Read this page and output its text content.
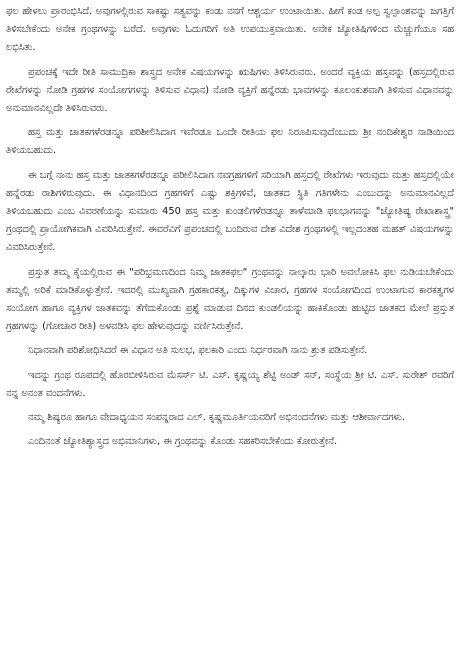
ಫಲ ಹೇಳಲು ಪ್ರಾರಂಭಿಸಿದೆ. ಅವುಗಳಲ್ಲಿರುವ ಸಾಕಷ್ಟು ಸತ್ಯವನ್ನು ಕಂಡು ನನಗೆ ಆಶ್ಚರ್ಯ ಉಂಟಾಯಿತು. ಹೀಗೆ ಕಂಡ ಅಲ್ಪ ಸ್ವಲ್ಪಾಂಶವನ್ನು ಜಗತ್ತಿಗೆ ತಿಳಿಸಬೇಕೆಂದು ಅನೇಕ ಗ್ರಂಥಗಳನ್ನು ಬರೆದೆ. ಅವುಗಳು ಓದುಗರಿಗೆ ಅತಿ ಉಪಯುಕ್ತವಾಯಿತು. ಅನೇಕ ಜ್ಯೋತಿಷಿಗಳಿಂದ ಮೆಚ್ಚುಗೆಯೂ ಸಹ ಲಭಿಸಿತು.

ಪ್ರಪಂಚಕ್ಕೆ ಇದೇ ರೀತಿ ಸಾಮುದ್ರಿಕಾ ಶಾಸ್ತ್ರದ ಅನೇಕ ವಿಷಯಗಳನ್ನು ಋಷಿಗಳು ತಿಳಿಸಿರುವರು. ಅಂದರೆ ವ್ಯಕ್ತಿಯ ಹಸ್ತವನ್ನು (ಹಸ್ತದಲ್ಲಿರುವ ರೇಖೆಗಳನ್ನು ನೋಡಿ ಗ್ರಹಗಳ ಸಂಯೋಗಗಳನ್ನು ತಿಳಿಸುವ ವಿಧಾನ) ನೋಡಿ ವ್ಯಕ್ತಿಗೆ ಹನ್ನೆರಡು ಭಾವಗಳನ್ನು ಕೂಲಂಕುಶವಾಗಿ ತಿಳಿಸುವ ವಿಧಾನವನ್ನು ಅನುಮಾನವಿಲ್ಲದೇ ತಿಳಿಸಿರುವರು.

ಹಸ್ತ ಮತ್ತು ಜಾತಕಗಳೆರಡನ್ನೂ ಪರಿಶೀಲಿಸಿದಾಗ ಇವೆರಡೂ ಒಂದೇ ರೀತಿಯ ಫಲ ನಿರೂಪಿಸುವುದೆಂಬುದು ಶ್ರೀ ನಂದಿಕೇಶ್ವರ ನಾಡಿಯಿಂದ ತಿಳಿಯಬಹುದು.

ಈ ಬಗ್ಗೆ ನಾನು ಹಸ್ತ ಮತ್ತು ಜಾತಕಗಳೆರಡನ್ನೂ ಪರೀಲಿಸಿದಾಗ ನವಗ್ರಹಗಳಿಗೆ ಸರಿಯಾಗಿ ಹಸ್ತದಲ್ಲಿ ರೇಖೆಗಳು ಇರುವುದು ಮತ್ತು ಹಸ್ತದಲ್ಲಿಯೇ ಹನ್ನೆರಡು ರಾಶಿಗಳಿರುವುದು. ಈ ವಿಧಾನದಿಂದ ಗ್ರಹಗಳಿಗೆ ಎಷ್ಟು ಶಕ್ತಿಗಳಿವೆ, ಜಾತಕದ ಸ್ಥಿತಿ ಗತಿಗಳೇನು ಎಂಬುದನ್ನು ಅನುಮಾನವಿಲ್ಲದೆ ತಿಳಿಯಬಹುದು ಎಂಬ ವಿವರಣೆಯನ್ನು ಸುಮಾರು 450 ಹಸ್ತ ಮತ್ತು ಕುಂಡಲಿಗಳೆರಡನ್ನೂ ತಾಳೆಮಾಡಿ ಫಲಭಾಗವನ್ನು "ಜ್ಯೋತಿಷ್ಯ ರೇಖಾಶಾಸ್ತ್ರ" ಗ್ರಂಥದಲ್ಲಿ ಪ್ರಾಯೋಗಿಕವಾಗಿ ವಿವರಿಸಿರುತ್ತೇನೆ. ಈವರೆವಿಗೆ ಪ್ರಪಂಚದಲ್ಲಿ ಬಂದಿರುವ ದೇಶ ವಿದೇಶ ಗ್ರಂಥಗಳಲ್ಲಿ ಇಲ್ಲದಂತಹ ಮಹತ್ ವಿಷಯಗಳನ್ನು ವಿವರಿಸಿರುತ್ತೇನೆ.

ಪ್ರಸ್ತುತ ತಮ್ಮ ಕೈಯಲ್ಲಿರುವ ಈ "ಪರಿಭ್ರಮಣದಿಂದ ನಿಮ್ಮ ಜಾತಕಫಲ" ಗ್ರಂಥವನ್ನು ನಾಲ್ಕಾರು ಭಾರಿ ಅವಲೋಕಿಸಿ ಫಲ ನುಡಿಯಬೇಕೆಂದು ತಮ್ಮಲ್ಲಿ ಅರಿಕೆ ಮಾಡಿಕೊಳ್ಳುತ್ತೇನೆ. ಇದರಲ್ಲಿ ಮುಖ್ಯವಾಗಿ ಗ್ರಹಕಾರಕತ್ವ, ದಿಕ್ಕುಗಳ ವಿಚಾರ, ಗ್ರಹಗಳ ಸಂಯೋಗದಿಂದ ಉಂಟಾಗುವ ಕಾರಕತ್ವಗಳ ಸಂಯೋಗ ಹಾಗೂ ವ್ಯಕ್ತಿಗಳ ಜಾತಕವನ್ನು ತೆಗೆದುಕೊಂಡು ಪ್ರಶ್ನೆ ಮಾಡುವ ದಿನದ ಕುಂಡಲಿಯನ್ನು ಹಾಕಿಕೊಂಡು ಹುಟ್ಟಿದ ಜಾತಕದ ಮೇಲೆ ಪ್ರಸ್ತುತ ಗ್ರಹಗಳನ್ನು (ಗೋಚಾರ ರೀತಿ) ಅಳವಡಿಸಿ ಫಲ ಹೇಳುವುದನ್ನು ವರ್ಣಿಸಿರುತ್ತೇನೆ.

ನಿಧಾನವಾಗಿ ಪರಿಶೋಧಿಸಿದರೆ ಈ ವಿಧಾನ ಅತಿ ಸುಲಭ, ಫಲಕಾರಿ ಎಂದು ನಿರ್ಧರವಾಗಿ ನಾನು ಶ್ರುತ ಪಡಿಸುತ್ತೇನೆ.

ಇದನ್ನು ಗ್ರಂಥ ರೂಪದಲ್ಲಿ ಹೊರಬೀಳಿಸಿರುವ ಮೆಸರ್ಸ್ ಟಿ. ಎಸ್. ಕೃಷ್ಣಯ್ಯ ಶೆಟ್ಟಿ ಅಂಡ್ ಸನ್, ಸಂಸ್ಥೆಯ ಶ್ರೀ ಟಿ. ಎಸ್. ಸುರೇಶ್ ರವರಿಗೆ ನನ್ನ ಅನಂತ ವಂದನೆಗಳು.

ನಮ್ಮ ಶಿಷ್ಯರೂ ಹಾಗೂ ವೇದಾಧ್ಯಯನ ಸಂಪನ್ನರಾದ ಎಲ್. ಕೃಷ್ಣಮೂರ್ತಿಯವರಿಗೆ ಅಭಿನಂದನೆಗಳು ಮತ್ತು ಆಶೀರ್ವಾದಗಳು.

ಎಂದಿನಂತೆ ಜ್ಯೋತಿಶ್ಯಾಸ್ತ್ರದ ಅಭಿಮಾನಿಗಳು, ಈ ಗ್ರಂಥವನ್ನು ಕೊಂಡು ಸಹಕರಿಸಬೇಕೆಂದು ಕೋರುತ್ತೇನೆ.
